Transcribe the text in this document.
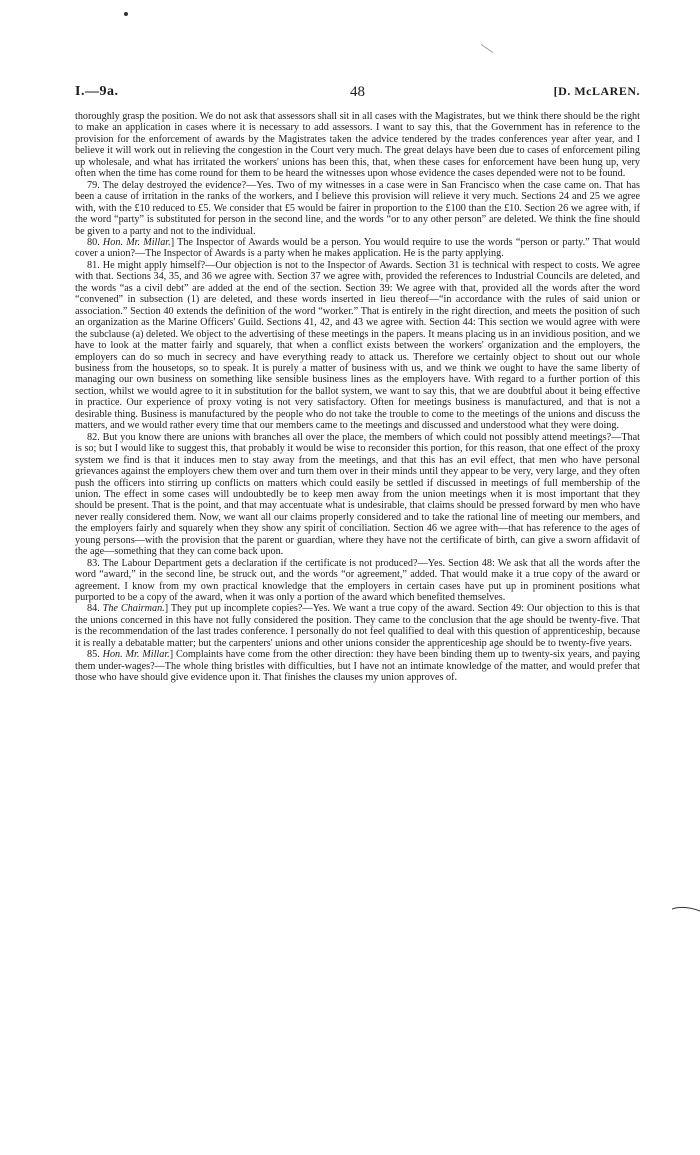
I.—9a.	48	[D. McLAREN.

thoroughly grasp the position. We do not ask that assessors shall sit in all cases with the Magistrates, but we think there should be the right to make an application in cases where it is necessary to add assessors. I want to say this, that the Government has in reference to the provision for the enforcement of awards by the Magistrates taken the advice tendered by the trades conferences year after year, and I believe it will work out in relieving the congestion in the Court very much. The great delays have been due to cases of enforcement piling up wholesale, and what has irritated the workers' unions has been this, that, when these cases for enforcement have been hung up, very often when the time has come round for them to be heard the witnesses upon whose evidence the cases depended were not to be found.

79. The delay destroyed the evidence?—Yes. Two of my witnesses in a case were in San Francisco when the case came on. That has been a cause of irritation in the ranks of the workers, and I believe this provision will relieve it very much. Sections 24 and 25 we agree with, with the £10 reduced to £5. We consider that £5 would be fairer in proportion to the £100 than the £10. Section 26 we agree with, if the word “party” is substituted for person in the second line, and the words “or to any other person” are deleted. We think the fine should be given to a party and not to the individual.

80. Hon. Mr. Millar.] The Inspector of Awards would be a person. You would require to use the words “person or party.” That would cover a union?—The Inspector of Awards is a party when he makes application. He is the party applying.

81. He might apply himself?—Our objection is not to the Inspector of Awards. Section 31 is technical with respect to costs. We agree with that. Sections 34, 35, and 36 we agree with. Section 37 we agree with, provided the references to Industrial Councils are deleted, and the words “as a civil debt” are added at the end of the section. Section 39: We agree with that, provided all the words after the word “convened” in subsection (1) are deleted, and these words inserted in lieu thereof—“in accordance with the rules of said union or association.” Section 40 extends the definition of the word “worker.” That is entirely in the right direction, and meets the position of such an organization as the Marine Officers' Guild. Sections 41, 42, and 43 we agree with. Section 44: This section we would agree with were the subclause (a) deleted. We object to the advertising of these meetings in the papers. It means placing us in an invidious position, and we have to look at the matter fairly and squarely, that when a conflict exists between the workers' organization and the employers, the employers can do so much in secrecy and have everything ready to attack us. Therefore we certainly object to shout out our whole business from the housetops, so to speak. It is purely a matter of business with us, and we think we ought to have the same liberty of managing our own business on something like sensible business lines as the employers have. With regard to a further portion of this section, whilst we would agree to it in substitution for the ballot system, we want to say this, that we are doubtful about it being effective in practice. Our experience of proxy voting is not very satisfactory. Often for meetings business is manufactured, and that is not a desirable thing. Business is manufactured by the people who do not take the trouble to come to the meetings of the unions and discuss the matters, and we would rather every time that our members came to the meetings and discussed and understood what they were doing.

82. But you know there are unions with branches all over the place, the members of which could not possibly attend meetings?—That is so; but I would like to suggest this, that probably it would be wise to reconsider this portion, for this reason, that one effect of the proxy system we find is that it induces men to stay away from the meetings, and that this has an evil effect, that men who have personal grievances against the employers chew them over and turn them over in their minds until they appear to be very, very large, and they often push the officers into stirring up conflicts on matters which could easily be settled if discussed in meetings of full membership of the union. The effect in some cases will undoubtedly be to keep men away from the union meetings when it is most important that they should be present. That is the point, and that may accentuate what is undesirable, that claims should be pressed forward by men who have never really considered them. Now, we want all our claims properly considered and to take the rational line of meeting our members, and the employers fairly and squarely when they show any spirit of conciliation. Section 46 we agree with—that has reference to the ages of young persons—with the provision that the parent or guardian, where they have not the certificate of birth, can give a sworn affidavit of the age—something that they can come back upon.

83. The Labour Department gets a declaration if the certificate is not produced?—Yes. Section 48: We ask that all the words after the word “award,” in the second line, be struck out, and the words “or agreement,” added. That would make it a true copy of the award or agreement. I know from my own practical knowledge that the employers in certain cases have put up in prominent positions what purported to be a copy of the award, when it was only a portion of the award which benefited themselves.

84. The Chairman.] They put up incomplete copies?—Yes. We want a true copy of the award. Section 49: Our objection to this is that the unions concerned in this have not fully considered the position. They came to the conclusion that the age should be twenty-five. That is the recommendation of the last trades conference. I personally do not feel qualified to deal with this question of apprenticeship, because it is really a debatable matter; but the carpenters' unions and other unions consider the apprenticeship age should be to twenty-five years.

85. Hon. Mr. Millar.] Complaints have come from the other direction: they have been binding them up to twenty-six years, and paying them under-wages?—The whole thing bristles with difficulties, but I have not an intimate knowledge of the matter, and would prefer that those who have should give evidence upon it. That finishes the clauses my union approves of.
